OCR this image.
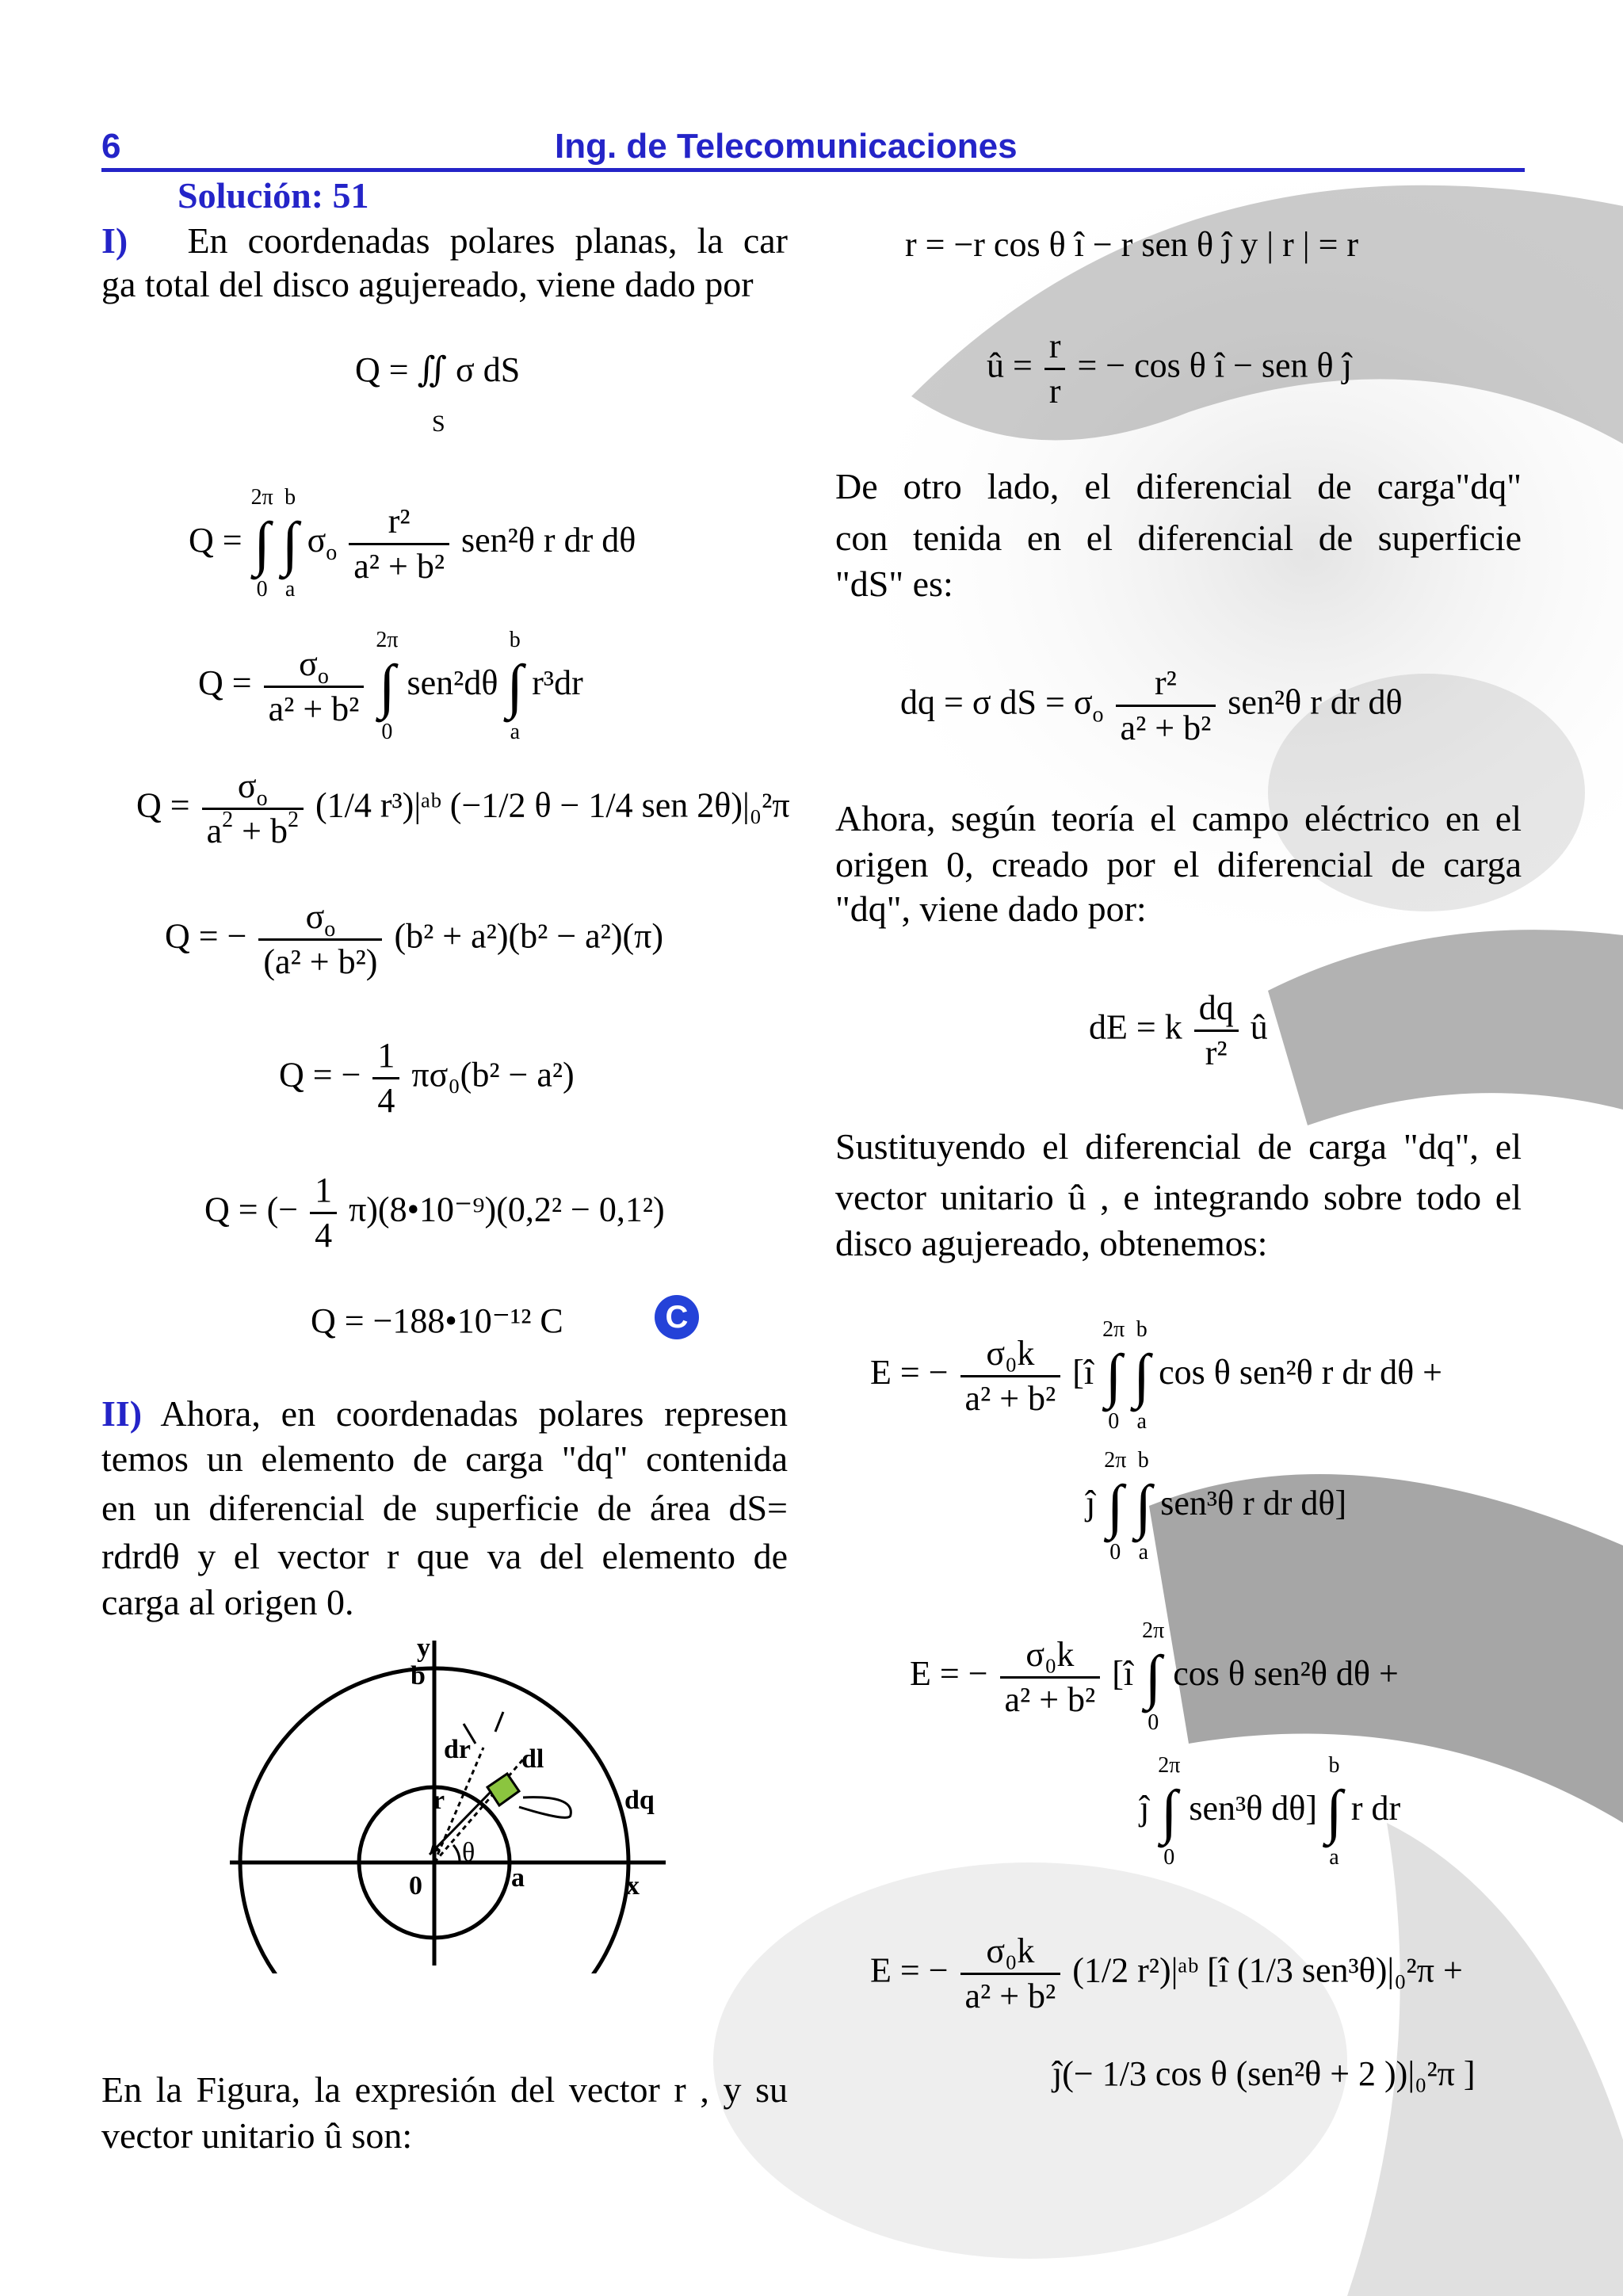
6	Ing. de Telecomunicaciones
Solución: 51
I) En coordenadas polares planas, la car
ga total del disco agujereado, viene dado por
Q = ∬ σ dS
S
Q =
2π
∫
0

b
∫
a
$\sigma_o \frac{\text{r²}}{\text{a² + b²}} sen^2\theta$ r dr dθ
$Q = \frac{\sigma_o}{\text{a² + b²}}$

2π
∫
0
sen²dθ
b
∫
a
r³dr
$Q = \frac{\sigma_o}{a^2 + b^2} (1/4$ r³)|ᵃᵇ (−1/2 θ − 1/4 sen 2θ)|₀²π
Q = − $\frac{\sigma_o}{\text{(a² + b²)}} (b^2 + a^2)(b^2 - a^2)(\pi)$
Q = − $\frac{1}{4} \pi\sigma_0(b^2 - a^2)$
Q = (− $\frac{1}{4}$ π)(8•10⁻⁹)(0,2² − 0,1²)
Q = −188•10⁻¹² C	C
II) Ahora, en coordenadas polares represen
temos un elemento de carga "dq" contenida
en un diferencial de superficie de área dS=
rdrdθ y el vector r que va del elemento de
carga al origen 0.
y
b
x
a
0
dr dl
r
θ
dq
En la Figura, la expresión del vector r , y su
vector unitario û son:
r = −r cos θ î − r sen θ ĵ y | r | = r
û = $\frac{r}{r}$ = − cos θ î − sen θ ĵ
De otro lado, el diferencial de carga"dq"
con tenida en el diferencial de superficie
"dS" es:
dq = σ dS = $\sigma_o \frac{\text{r²}}{\text{a² + b²}} sen^2\theta$ r dr dθ
Ahora, según teoría el campo eléctrico en el
origen 0, creado por el diferencial de carga
"dq", viene dado por:
dE = k $\frac{dq}{\text{r²}}$ û
Sustituyendo el diferencial de carga "dq", el
vector unitario û , e integrando sobre todo el
disco agujereado, obtenemos:
E = − $\frac{\text{σ₀k}}{\text{a² + b²}}$ [î
2π
∫
0

b
∫
a
cos θ sen²θ r dr dθ +
ĵ
2π
∫
0

b
∫
a
sen³θ r dr dθ]
E = − $\frac{\text{σ₀k}}{\text{a² + b²}}$ [î
2π
∫
0
cos θ sen²θ dθ +
ĵ
2π
∫
0
sen³θ dθ]
b
∫
a
r dr
E = − $\frac{\text{σ₀k}}{\text{a² + b²}} (1/2$ r²)|ᵃᵇ [î (1/3 sen³θ)|₀²π +
ĵ(− 1/3 cos θ (sen²θ + 2 ))|₀²π ]
